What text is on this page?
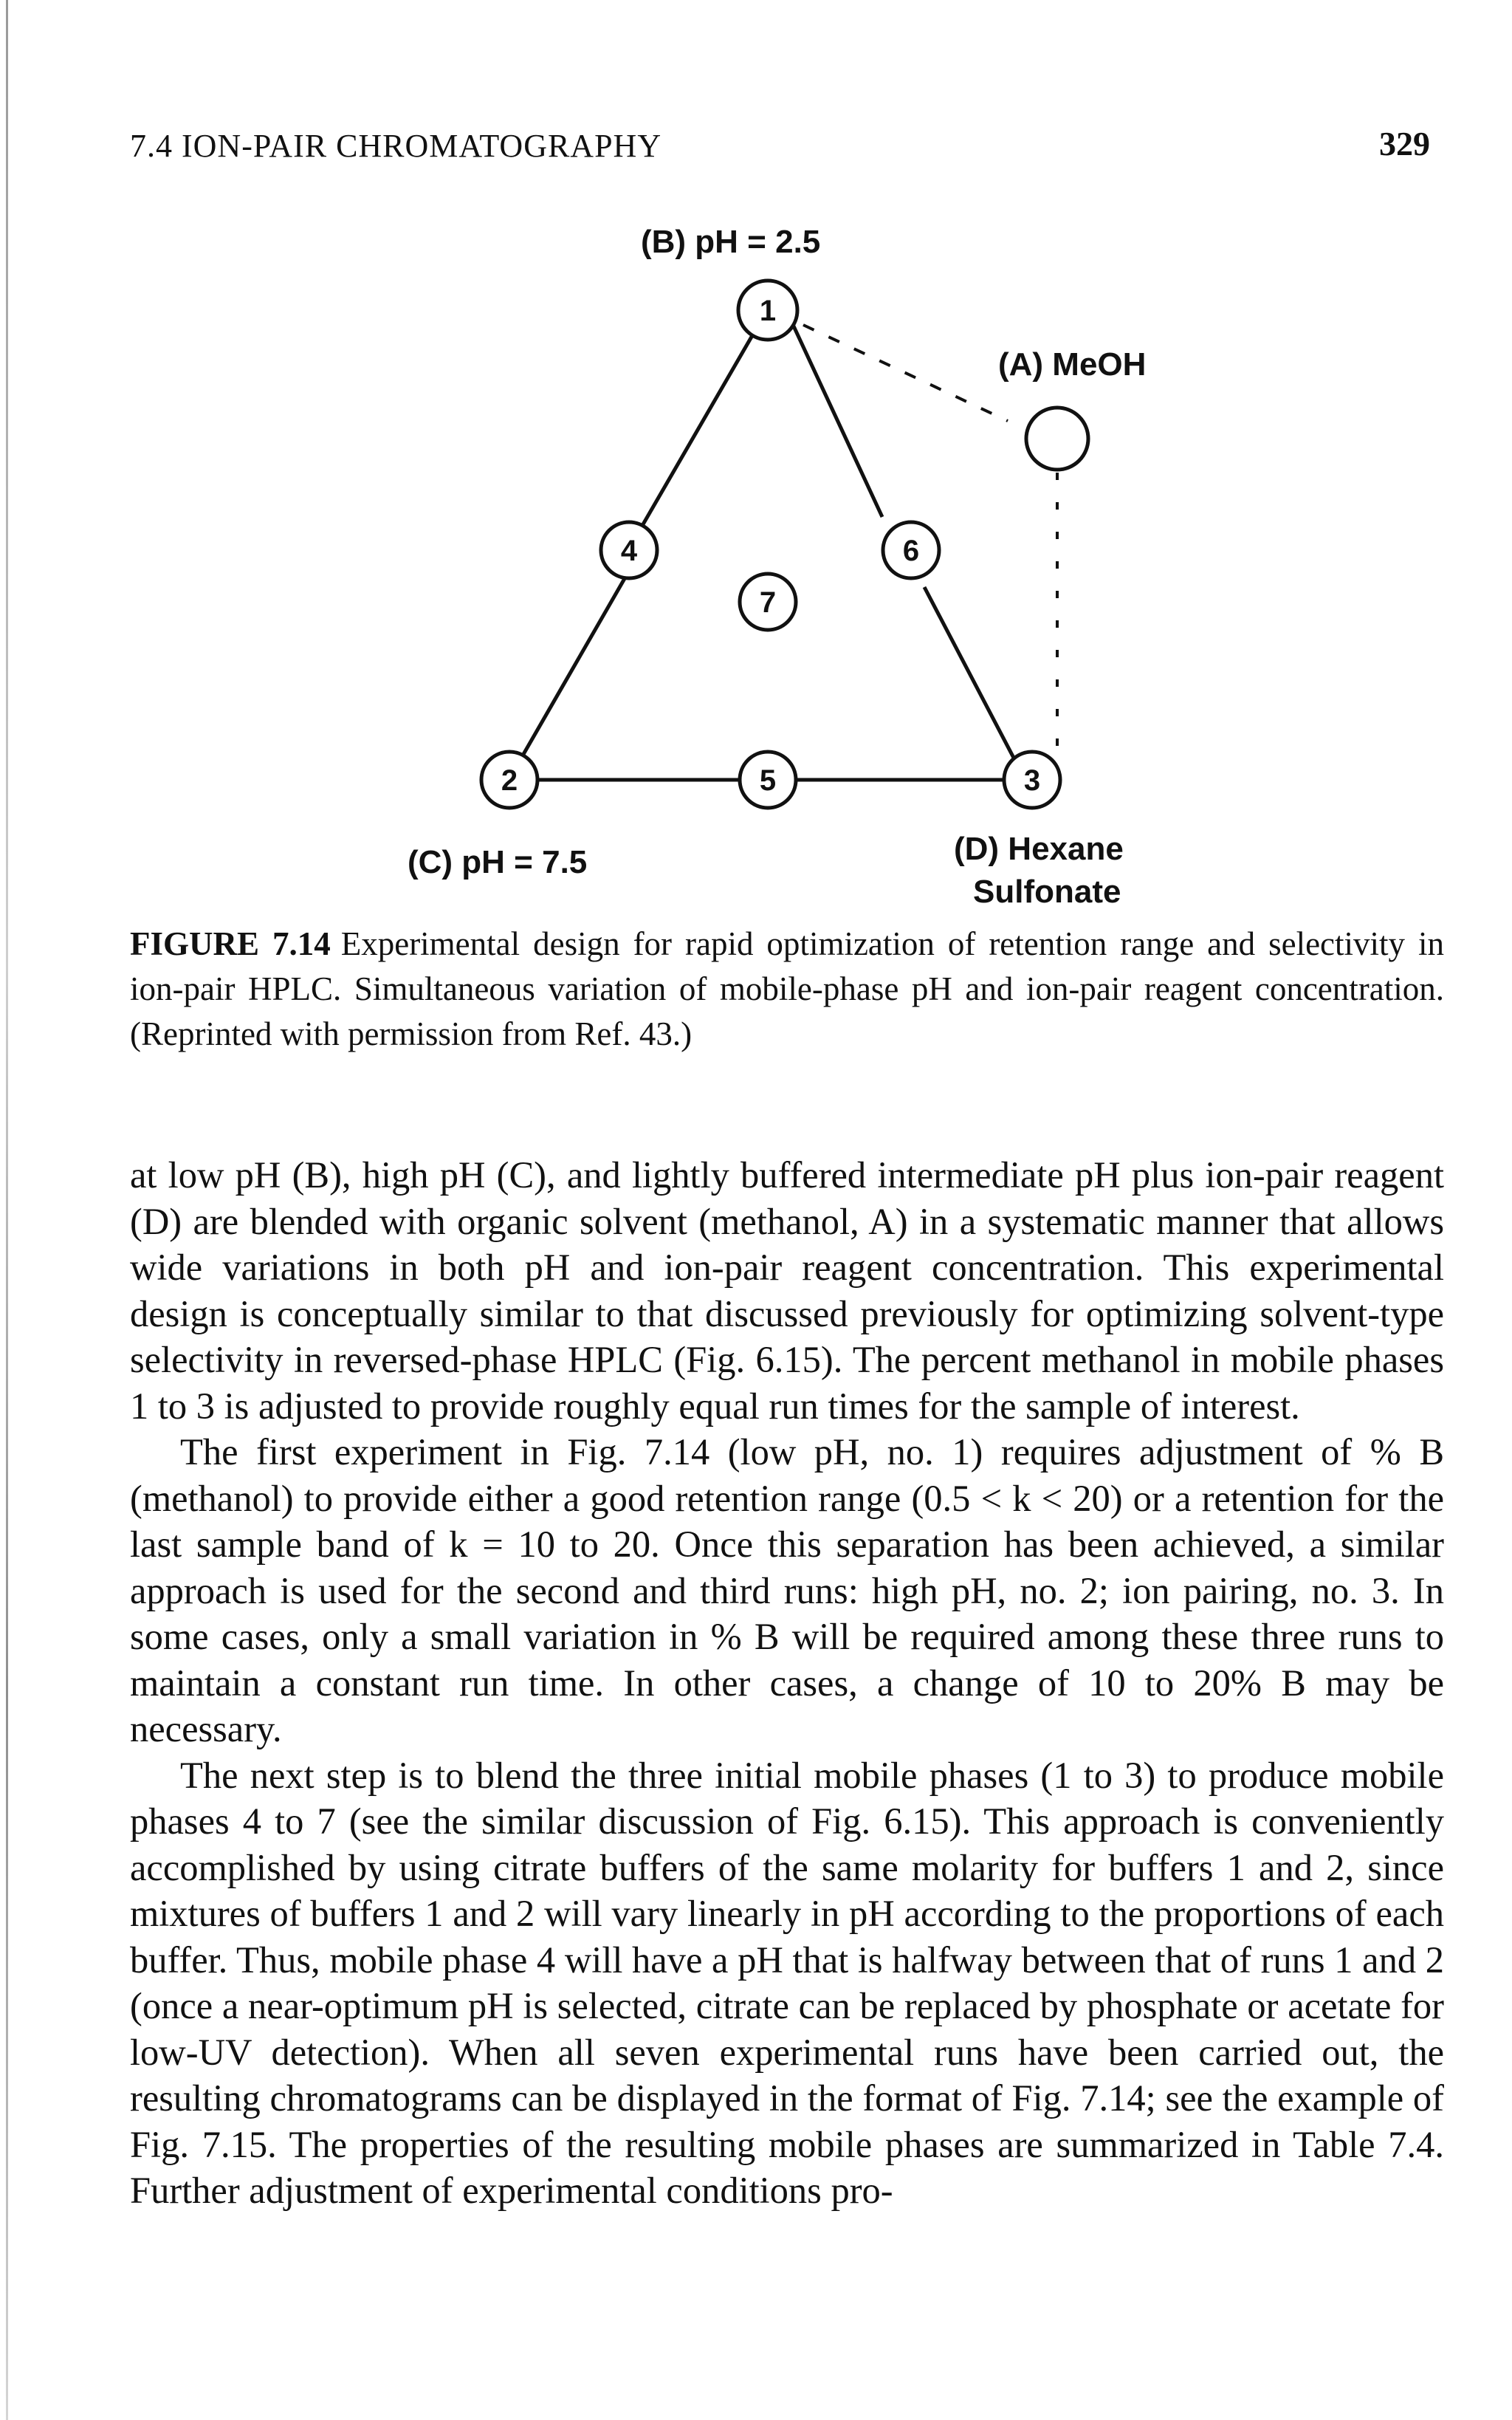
7.4 ION-PAIR CHROMATOGRAPHY	329
1
2	3
4
5
6
7
(B) pH = 2.5
(A) MeOH
(C) pH = 7.5	(D) Hexane
Sulfonate
FIGURE 7.14 Experimental design for rapid optimization of retention range and selectivity in ion-pair HPLC. Simultaneous variation of mobile-phase pH and ion-pair reagent concentration. (Reprinted with permission from Ref. 43.)

at low pH (B), high pH (C), and lightly buffered intermediate pH plus ion-pair reagent (D) are blended with organic solvent (methanol, A) in a systematic manner that allows wide variations in both pH and ion-pair reagent concentration. This experimental design is conceptually similar to that discussed previously for optimizing solvent-type selectivity in reversed-phase HPLC (Fig. 6.15). The percent methanol in mobile phases 1 to 3 is adjusted to provide roughly equal run times for the sample of interest.

The first experiment in Fig. 7.14 (low pH, no. 1) requires adjustment of % B (methanol) to provide either a good retention range (0.5 < k < 20) or a retention for the last sample band of k = 10 to 20. Once this separation has been achieved, a similar approach is used for the second and third runs: high pH, no. 2; ion pairing, no. 3. In some cases, only a small variation in % B will be required among these three runs to maintain a constant run time. In other cases, a change of 10 to 20% B may be necessary.

The next step is to blend the three initial mobile phases (1 to 3) to produce mobile phases 4 to 7 (see the similar discussion of Fig. 6.15). This approach is conveniently accomplished by using citrate buffers of the same molarity for buffers 1 and 2, since mixtures of buffers 1 and 2 will vary linearly in pH according to the proportions of each buffer. Thus, mobile phase 4 will have a pH that is halfway between that of runs 1 and 2 (once a near-optimum pH is selected, citrate can be replaced by phosphate or acetate for low-UV detection). When all seven experimental runs have been carried out, the resulting chromatograms can be displayed in the format of Fig. 7.14; see the example of Fig. 7.15. The properties of the resulting mobile phases are summarized in Table 7.4. Further adjustment of experimental conditions pro-
